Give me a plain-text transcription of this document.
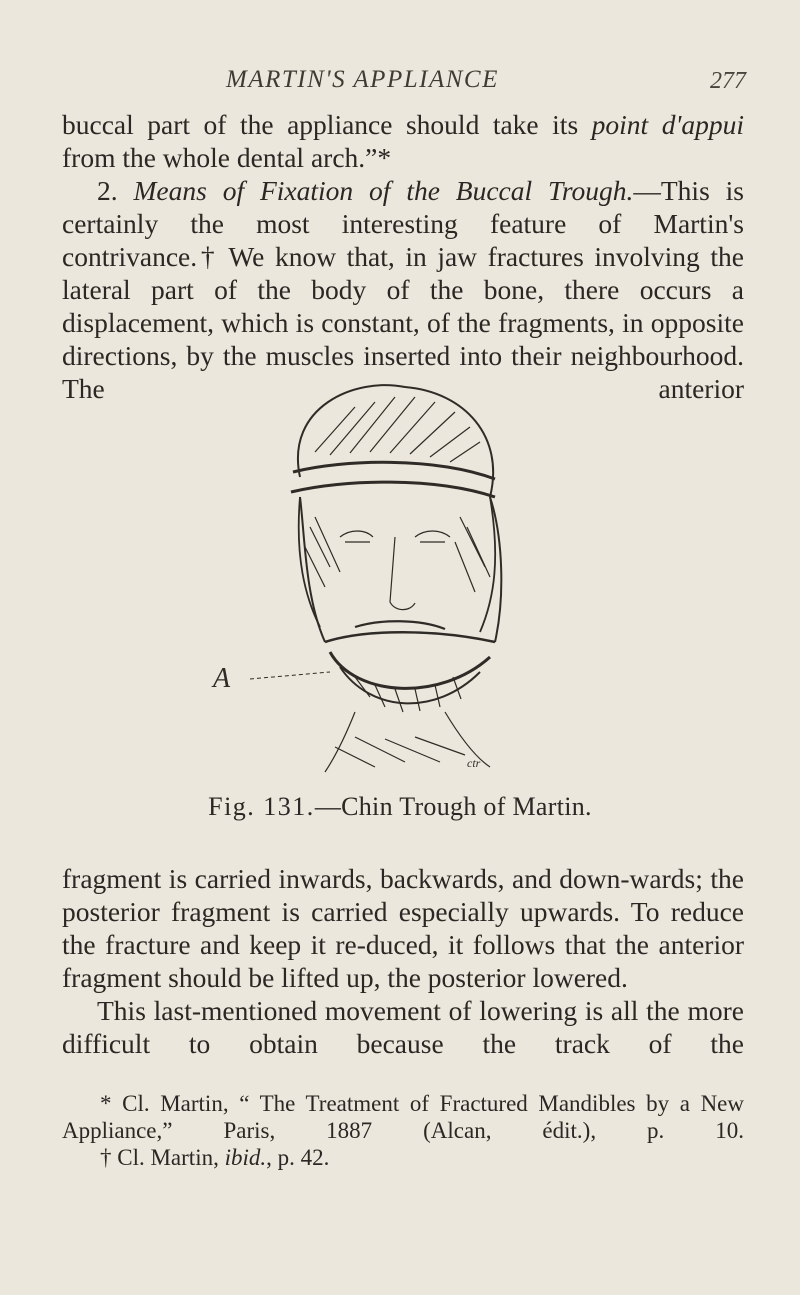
MARTIN'S APPLIANCE	277

buccal part of the appliance should take its point d'appui from the whole dental arch.”*

2. Means of Fixation of the Buccal Trough.—This is certainly the most interesting feature of Martin's contrivance.† We know that, in jaw fractures involving the lateral part of the body of the bone, there occurs a displacement, which is constant, of the fragments, in opposite directions, by the muscles inserted into their neighbourhood. The anterior

A
ctr
Fig. 131.—Chin Trough of Martin.

fragment is carried inwards, backwards, and down-wards; the posterior fragment is carried especially upwards. To reduce the fracture and keep it re-duced, it follows that the anterior fragment should be lifted up, the posterior lowered.

This last-mentioned movement of lowering is all the more difficult to obtain because the track of the

* Cl. Martin, “ The Treatment of Fractured Mandibles by a New Appliance,” Paris, 1887 (Alcan, édit.), p. 10.

† Cl. Martin, ibid., p. 42.
